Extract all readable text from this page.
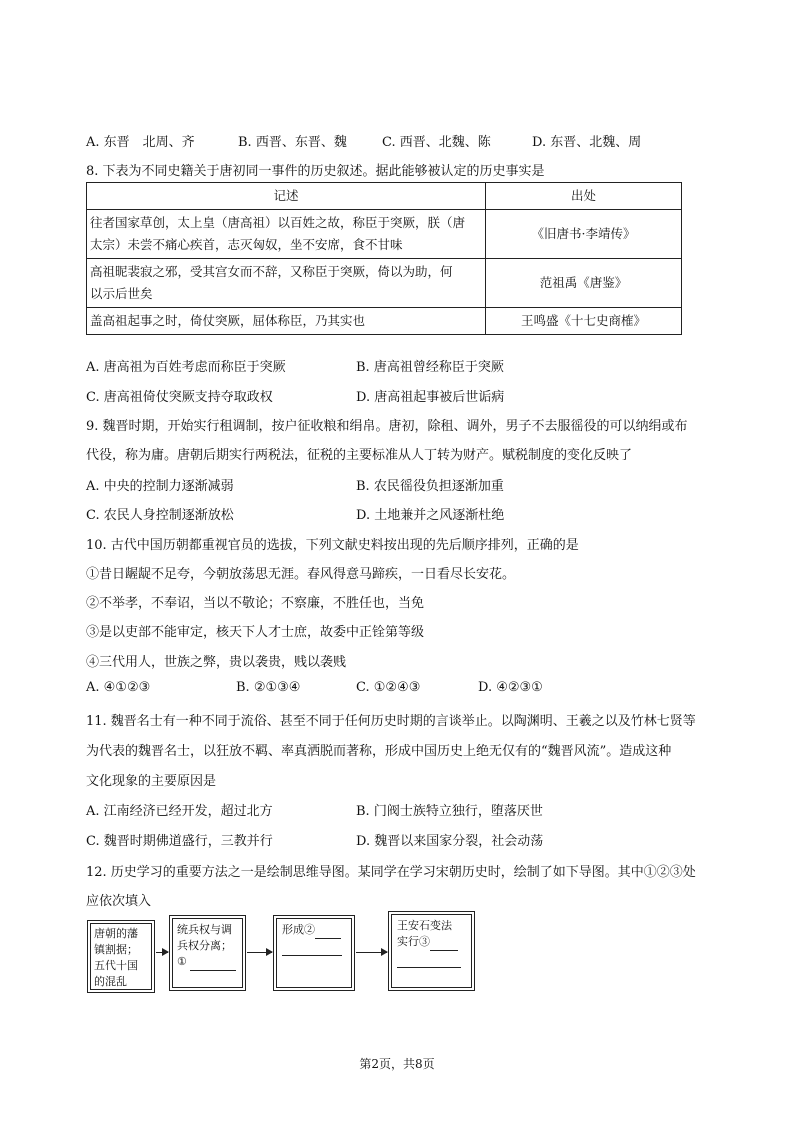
A. 东晋　北周、齐	B. 西晋、东晋、魏	C. 西晋、北魏、陈	D. 东晋、北魏、周
8. 下表为不同史籍关于唐初同一事件的历史叙述。据此能够被认定的历史事实是
记述	出处

往者国家草创，太上皇（唐高祖）以百姓之故，称臣于突厥，朕（唐
太宗）未尝不痛心疾首，志灭匈奴，坐不安席，食不甘味	《旧唐书·李靖传》

高祖昵裴寂之邪，受其宫女而不辞，又称臣于突厥，倚以为助，何
以示后世矣	范祖禹《唐鉴》

盖高祖起事之时，倚仗突厥，屈体称臣，乃其实也	王鸣盛《十七史商榷》
A. 唐高祖为百姓考虑而称臣于突厥	B. 唐高祖曾经称臣于突厥
C. 唐高祖倚仗突厥支持夺取政权	D. 唐高祖起事被后世诟病
9. 魏晋时期，开始实行租调制，按户征收粮和绢帛。唐初，除租、调外，男子不去服徭役的可以纳绢或布
代役，称为庸。唐朝后期实行两税法，征税的主要标准从人丁转为财产。赋税制度的变化反映了
A. 中央的控制力逐渐减弱	B. 农民徭役负担逐渐加重
C. 农民人身控制逐渐放松	D. 土地兼并之风逐渐杜绝
10. 古代中国历朝都重视官员的选拔，下列文献史料按出现的先后顺序排列，正确的是
①昔日龌龊不足夸，今朝放荡思无涯。春风得意马蹄疾，一日看尽长安花。
②不举孝，不奉诏，当以不敬论；不察廉，不胜任也，当免
③是以吏部不能审定，核天下人才士庶，故委中正铨第等级
④三代用人，世族之弊，贵以袭贵，贱以袭贱
A. ④①②③	B. ②①③④	C. ①②④③	D. ④②③①
11. 魏晋名士有一种不同于流俗、甚至不同于任何历史时期的言谈举止。以陶渊明、王羲之以及竹林七贤等
为代表的魏晋名士，以狂放不羁、率真洒脱而著称，形成中国历史上绝无仅有的“魏晋风流”。造成这种
文化现象的主要原因是
A. 江南经济已经开发，超过北方	B. 门阀士族特立独行，堕落厌世
C. 魏晋时期佛道盛行，三教并行	D. 魏晋以来国家分裂，社会动荡
12. 历史学习的重要方法之一是绘制思维导图。某同学在学习宋朝历史时，绘制了如下导图。其中①②③处
应依次填入
唐朝的藩
镇割据；
五代十国
的混乱
统兵权与调
兵权分离；
①

形成②
	王安石变法
实行③

第2页，共8页
